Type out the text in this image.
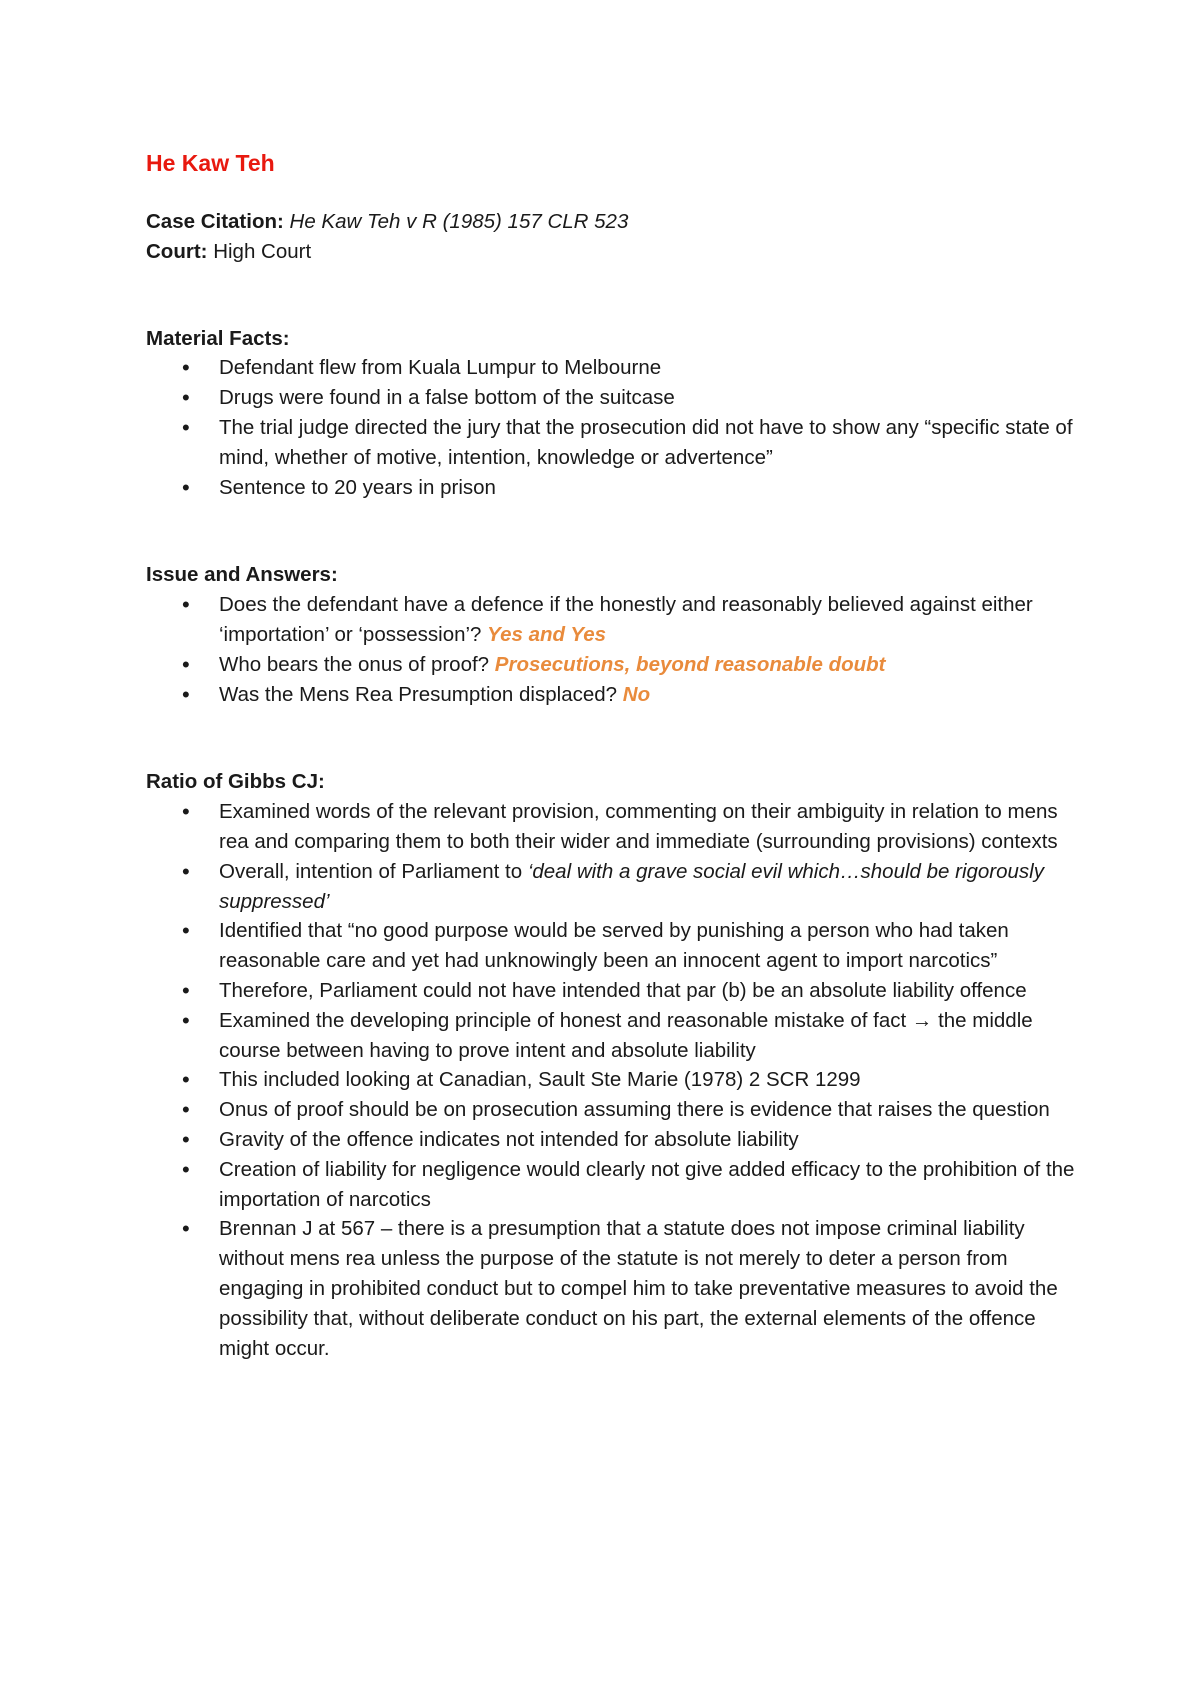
He Kaw Teh

Case Citation: He Kaw Teh v R (1985) 157 CLR 523

Court: High Court

Material Facts:

• Defendant flew from Kuala Lumpur to Melbourne
• Drugs were found in a false bottom of the suitcase
• The trial judge directed the jury that the prosecution did not have to show any “specific state of mind, whether of motive, intention, knowledge or advertence”
• Sentence to 20 years in prison

Issue and Answers:

• Does the defendant have a defence if the honestly and reasonably believed against either ‘importation’ or ‘possession’? Yes and Yes
• Who bears the onus of proof? Prosecutions, beyond reasonable doubt
• Was the Mens Rea Presumption displaced? No

Ratio of Gibbs CJ:

• Examined words of the relevant provision, commenting on their ambiguity in relation to mens rea and comparing them to both their wider and immediate (surrounding provisions) contexts
• Overall, intention of Parliament to ‘deal with a grave social evil which…should be rigorously suppressed’
• Identified that “no good purpose would be served by punishing a person who had taken reasonable care and yet had unknowingly been an innocent agent to import narcotics”
• Therefore, Parliament could not have intended that par (b) be an absolute liability offence
• Examined the developing principle of honest and reasonable mistake of fact → the middle course between having to prove intent and absolute liability
• This included looking at Canadian, Sault Ste Marie (1978) 2 SCR 1299
• Onus of proof should be on prosecution assuming there is evidence that raises the question
• Gravity of the offence indicates not intended for absolute liability
• Creation of liability for negligence would clearly not give added efficacy to the prohibition of the importation of narcotics
• Brennan J at 567 – there is a presumption that a statute does not impose criminal liability without mens rea unless the purpose of the statute is not merely to deter a person from engaging in prohibited conduct but to compel him to take preventative measures to avoid the possibility that, without deliberate conduct on his part, the external elements of the offence might occur.
